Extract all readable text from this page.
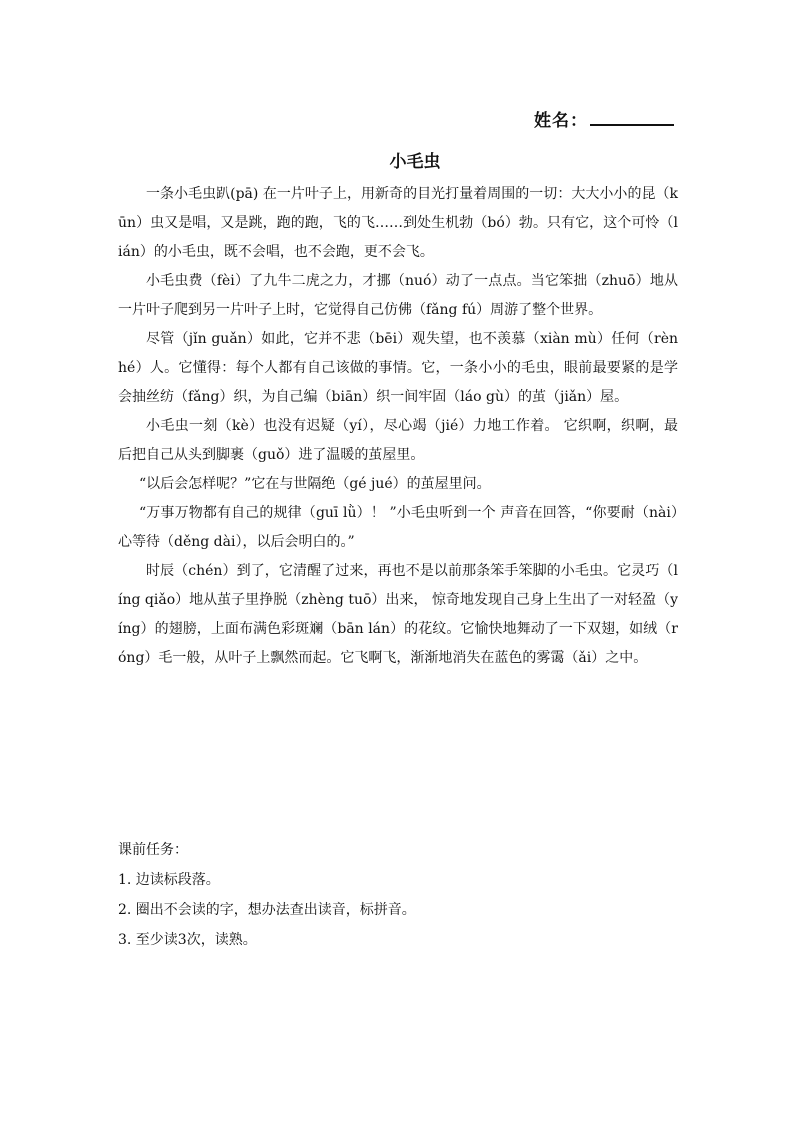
姓名：
小毛虫

一条小毛虫趴(pā) 在一片叶子上，用新奇的目光打量着周围的一切：大大小小的昆（kūn）虫又是唱，又是跳，跑的跑，飞的飞……到处生机勃（bó）勃。只有它，这个可怜（lián）的小毛虫，既不会唱，也不会跑，更不会飞。

小毛虫费（fèi）了九牛二虎之力，才挪（nuó）动了一点点。当它笨拙（zhuō）地从一片叶子爬到另一片叶子上时，它觉得自己仿佛（fǎng fú）周游了整个世界。

尽管（jǐn guǎn）如此，它并不悲（bēi）观失望，也不羡慕（xiàn mù）任何（rèn hé）人。它懂得：每个人都有自己该做的事情。它，一条小小的毛虫，眼前最要紧的是学会抽丝纺（fǎng）织，为自己编（biān）织一间牢固（láo gù）的茧（jiǎn）屋。

小毛虫一刻（kè）也没有迟疑（yí），尽心竭（jié）力地工作着。 它织啊，织啊，最后把自己从头到脚裹（guǒ）进了温暖的茧屋里。

“以后会怎样呢？”它在与世隔绝（gé jué）的茧屋里问。

“万事万物都有自己的规律（guī lǜ）！ ”小毛虫听到一个 声音在回答，“你要耐（nài）心等待（děng dài），以后会明白的。”

时辰（chén）到了，它清醒了过来，再也不是以前那条笨手笨脚的小毛虫。它灵巧（líng qiǎo）地从茧子里挣脱（zhèng tuō）出来， 惊奇地发现自己身上生出了一对轻盈（yíng）的翅膀，上面布满色彩斑斓（bān lán）的花纹。它愉快地舞动了一下双翅，如绒（róng）毛一般，从叶子上飘然而起。它飞啊飞，渐渐地消失在蓝色的雾霭（ǎi）之中。

课前任务：

1. 边读标段落。

2. 圈出不会读的字，想办法查出读音，标拼音。

3. 至少读3次，读熟。
